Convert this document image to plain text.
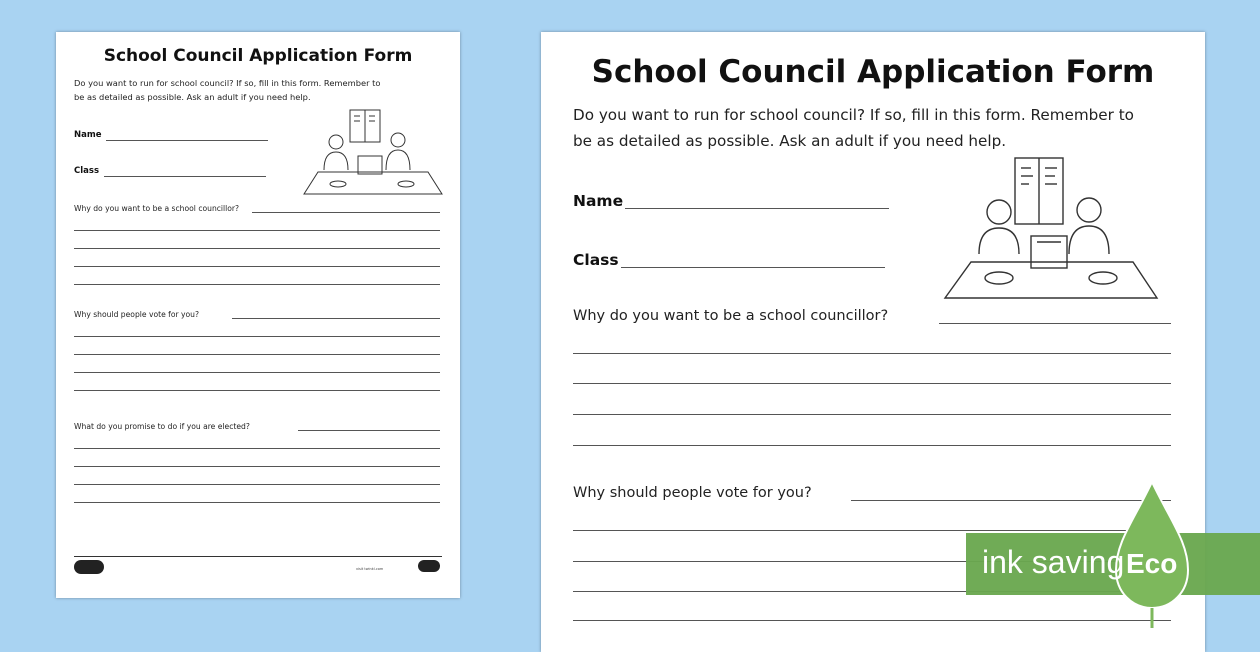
School Council Application Form
Do you want to run for school council? If so, fill in this form. Remember to
be as detailed as possible. Ask an adult if you need help.
Name
Class
Why do you want to be a school councillor?
Why should people vote for you?
What do you promise to do if you are elected?
visit twinkl.com
School Council Application Form
Do you want to run for school council? If so, fill in this form. Remember to
be as detailed as possible. Ask an adult if you need help.
Name
Class
Why do you want to be a school councillor?
Why should people vote for you?
ink saving Eco
